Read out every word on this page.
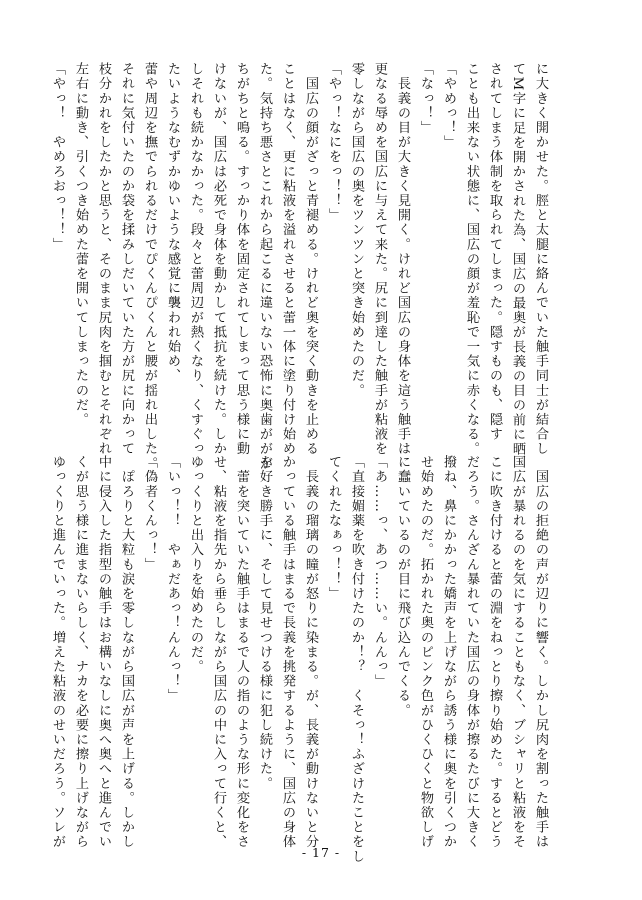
に大きく開かせた。脛と太腿に絡んでいた触手同士が結合し
てM字に足を開かされた為、国広の最奥が長義の目の前に晒
されてしまう体制を取られてしまった。隠すものも、隠す
ことも出来ない状態に、国広の顔が羞恥で一気に赤くなる。
「やめっ！」
「なっ！」
　長義の目が大きく見開く。けれど国広の身体を這う触手は
更なる辱めを国広に与えて来た。尻に到達した触手が粘液を
零しながら国広の奥をツンツンと突き始めたのだ。
「やっ！なにをっ！！」
　国広の顔がざっと青褪める。けれど奥を突く動きを止める
ことはなく、更に粘液を溢れさせると蕾一体に塗り付け始め
た。気持ち悪さとこれから起こるに違いない恐怖に奥歯ががが
ちがちと鳴る。すっかり体を固定されてしまって思う様に動
けないが、国広は必死で身体を動かして抵抗を続けた。しか
しそれも続かなかった。段々と蕾周辺が熱くなり、くすぐっ
たいようなむずかゆいような感覚に襲われ始め、
蕾や周辺を撫でられるだけでぴくんぴくんと腰が揺れ出した。
それに気付いたのか袋を揉みしだいていた方が尻に向かって
枝分かれをしたかと思うと、そのまま尻肉を掴むとそれぞれ
左右に動き、引くつき始めた蕾を開いてしまったのだ。
「やっ！　やめろおっ！！」
　国広の拒絶の声が辺りに響く。しかし尻肉を割った触手は
国広が暴れるのを気にすることもなく、ブシャリと粘液をそ
こに吹き付けると蕾の淵をねっとり擦り始めた。するとどう
だろう。さんざん暴れていた国広の身体が擦るたびに大きく
撥ね、鼻にかかった嬌声を上げながら誘う様に奥を引くつか
せ始めたのだ。拓かれた奥のピンク色がひくひくと物欲しげ
に蠢いているのが目に飛び込んでくる。
「あ……っ、あつ……い。んんっ」
「直接媚薬を吹き付けたのか！？　くそっ！ふざけたことをし
てくれたなぁっ！！」
　長義の瑠璃の瞳が怒りに染まる。が、長義が動けないと分
かっている触手はまるで長義を挑発するように、国広の身体
を好き勝手に、そして見せつける様に犯し続けた。
　蕾を突いていた触手はまるで人の指のような形に変化をさ
せ、粘液を指先から垂らしながら国広の中に入って行くと、
ゆっくりと出入りを始めたのだ。
「いっ！！　やぁだあっ！んんっ！」
「偽者くんっ！」
　ぽろりと大粒も涙を零しながら国広が声を上げる。しかし
中に侵入した指型の触手はお構いなしに奥へ奥へと進んでい
くが思う様に進まないらしく、ナカを必要に擦り上げながら
ゆっくりと進んでいった。増えた粘液のせいだろう。ソレが
- 17 -
